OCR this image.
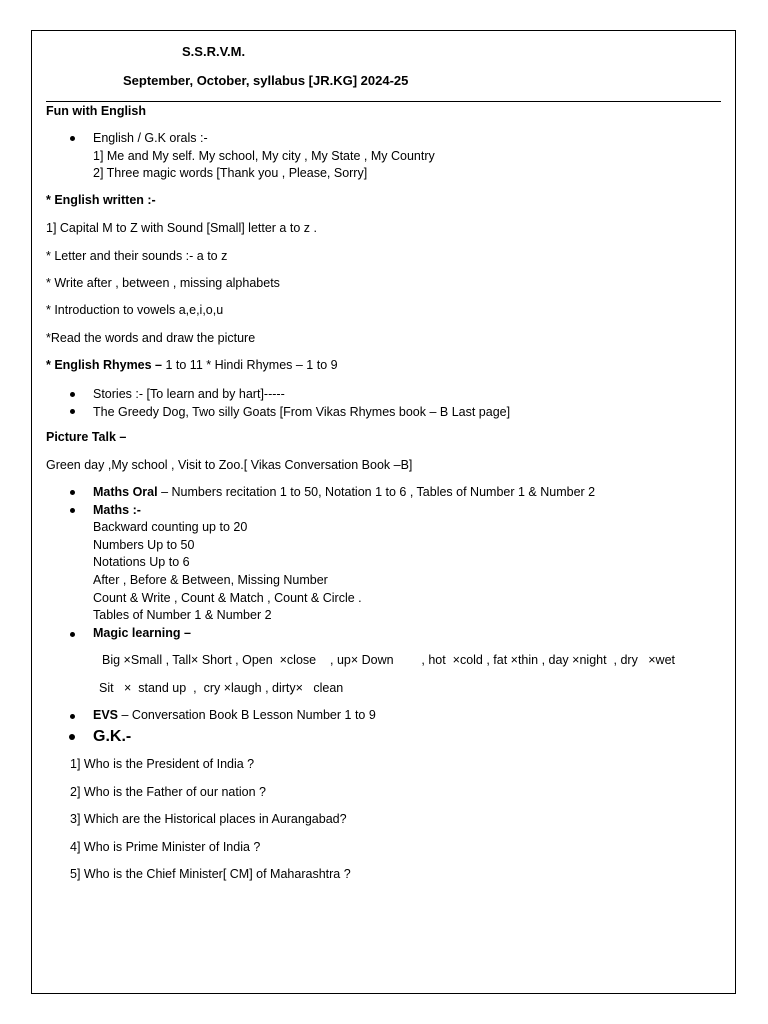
S.S.R.V.M.
September, October, syllabus [JR.KG] 2024-25
Fun with English
English / G.K orals :-
1] Me and My self. My school, My city , My State , My Country
2] Three magic words [Thank you , Please, Sorry]
* English written :-
1] Capital M to Z with Sound [Small] letter a to z .
* Letter and their sounds :- a to z
* Write after , between , missing alphabets
* Introduction to vowels a,e,i,o,u
*Read the words and draw the picture
* English Rhymes – 1 to 11 * Hindi Rhymes – 1 to 9
Stories :- [To learn and by hart]-----
The Greedy Dog, Two silly Goats [From Vikas Rhymes book – B Last page]
Picture Talk –
Green day ,My school , Visit to Zoo.[ Vikas Conversation Book –B]
Maths Oral – Numbers recitation 1 to 50, Notation 1 to 6 , Tables of Number 1 & Number 2
Maths :-
Backward counting up to 20
Numbers Up to 50
Notations Up to 6
After , Before & Between, Missing Number
Count & Write , Count & Match , Count & Circle .
Tables of Number 1 & Number 2
Magic learning –
Big ×Small , Tall× Short , Open  ×close    , up× Down        , hot  ×cold , fat ×thin , day ×night  , dry   ×wet
Sit   ×  stand up  ,  cry ×laugh , dirty×   clean
EVS – Conversation Book B Lesson Number 1 to 9
G.K.-
1] Who is the President of India ?
2] Who is the Father of our nation ?
3] Which are the Historical places in Aurangabad?
4] Who is Prime Minister of India ?
5] Who is the Chief Minister[ CM] of Maharashtra ?
